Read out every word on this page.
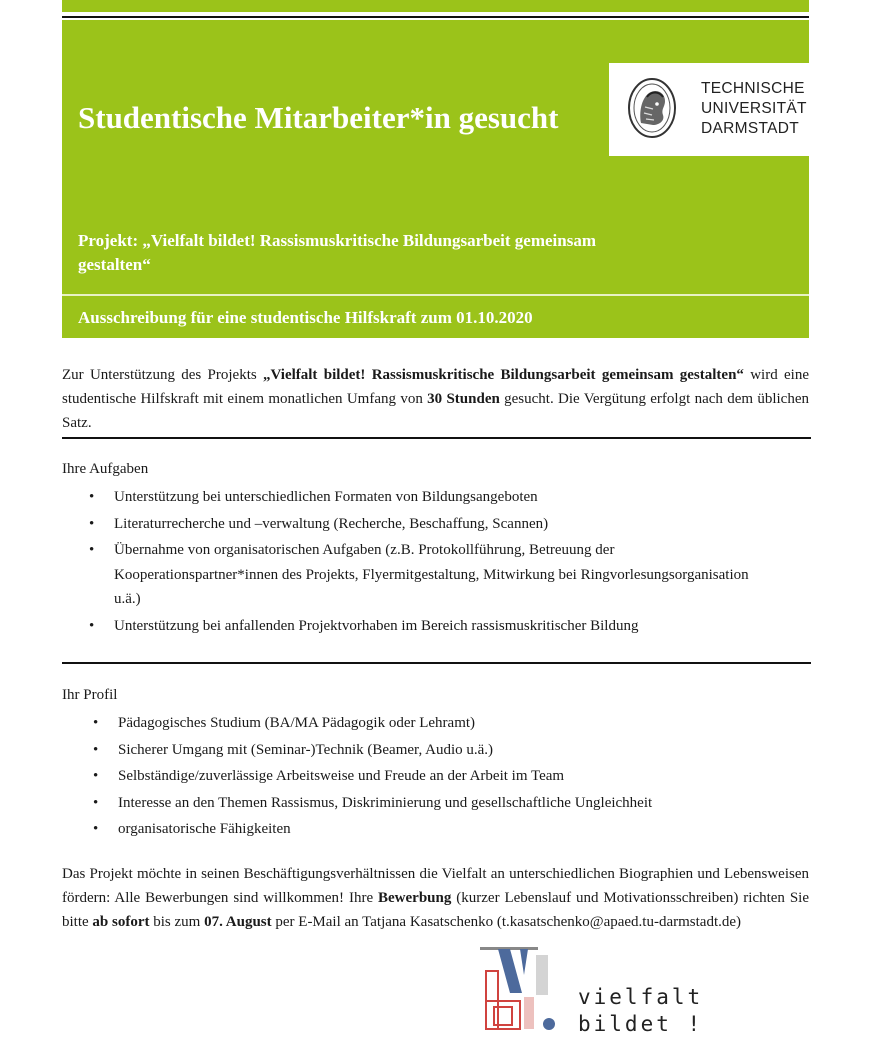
Studentische Mitarbeiter*in gesucht
Projekt: „Vielfalt bildet! Rassismuskritische Bildungsarbeit gemeinsam gestalten“
Ausschreibung für eine studentische Hilfskraft zum 01.10.2020
TECHNISCHE
UNIVERSITÄT
DARMSTADT
Zur Unterstützung des Projekts „Vielfalt bildet! Rassismuskritische Bildungsarbeit gemeinsam gestalten“ wird eine studentische Hilfskraft mit einem monatlichen Umfang von 30 Stunden gesucht. Die Vergütung erfolgt nach dem üblichen Satz.
Ihre Aufgaben
• Unterstützung bei unterschiedlichen Formaten von Bildungsangeboten
• Literaturrecherche und –verwaltung (Recherche, Beschaffung, Scannen)
• Übernahme von organisatorischen Aufgaben (z.B. Protokollführung, Betreuung der Kooperationspartner*innen des Projekts, Flyermitgestaltung, Mitwirkung bei Ringvorlesungsorganisation u.ä.)
• Unterstützung bei anfallenden Projektvorhaben im Bereich rassismuskritischer Bildung
Ihr Profil
• Pädagogisches Studium (BA/MA Pädagogik oder Lehramt)
• Sicherer Umgang mit (Seminar-)Technik (Beamer, Audio u.ä.)
• Selbständige/zuverlässige Arbeitsweise und Freude an der Arbeit im Team
• Interesse an den Themen Rassismus, Diskriminierung und gesellschaftliche Ungleichheit
• organisatorische Fähigkeiten
Das Projekt möchte in seinen Beschäftigungsverhältnissen die Vielfalt an unterschiedlichen Biographien und Lebensweisen fördern: Alle Bewerbungen sind willkommen! Ihre Bewerbung (kurzer Lebenslauf und Motivationsschreiben) richten Sie bitte ab sofort bis zum 07. August per E-Mail an Tatjana Kasatschenko (t.kasatschenko@apaed.tu-darmstadt.de)
vielfalt
bildet !
